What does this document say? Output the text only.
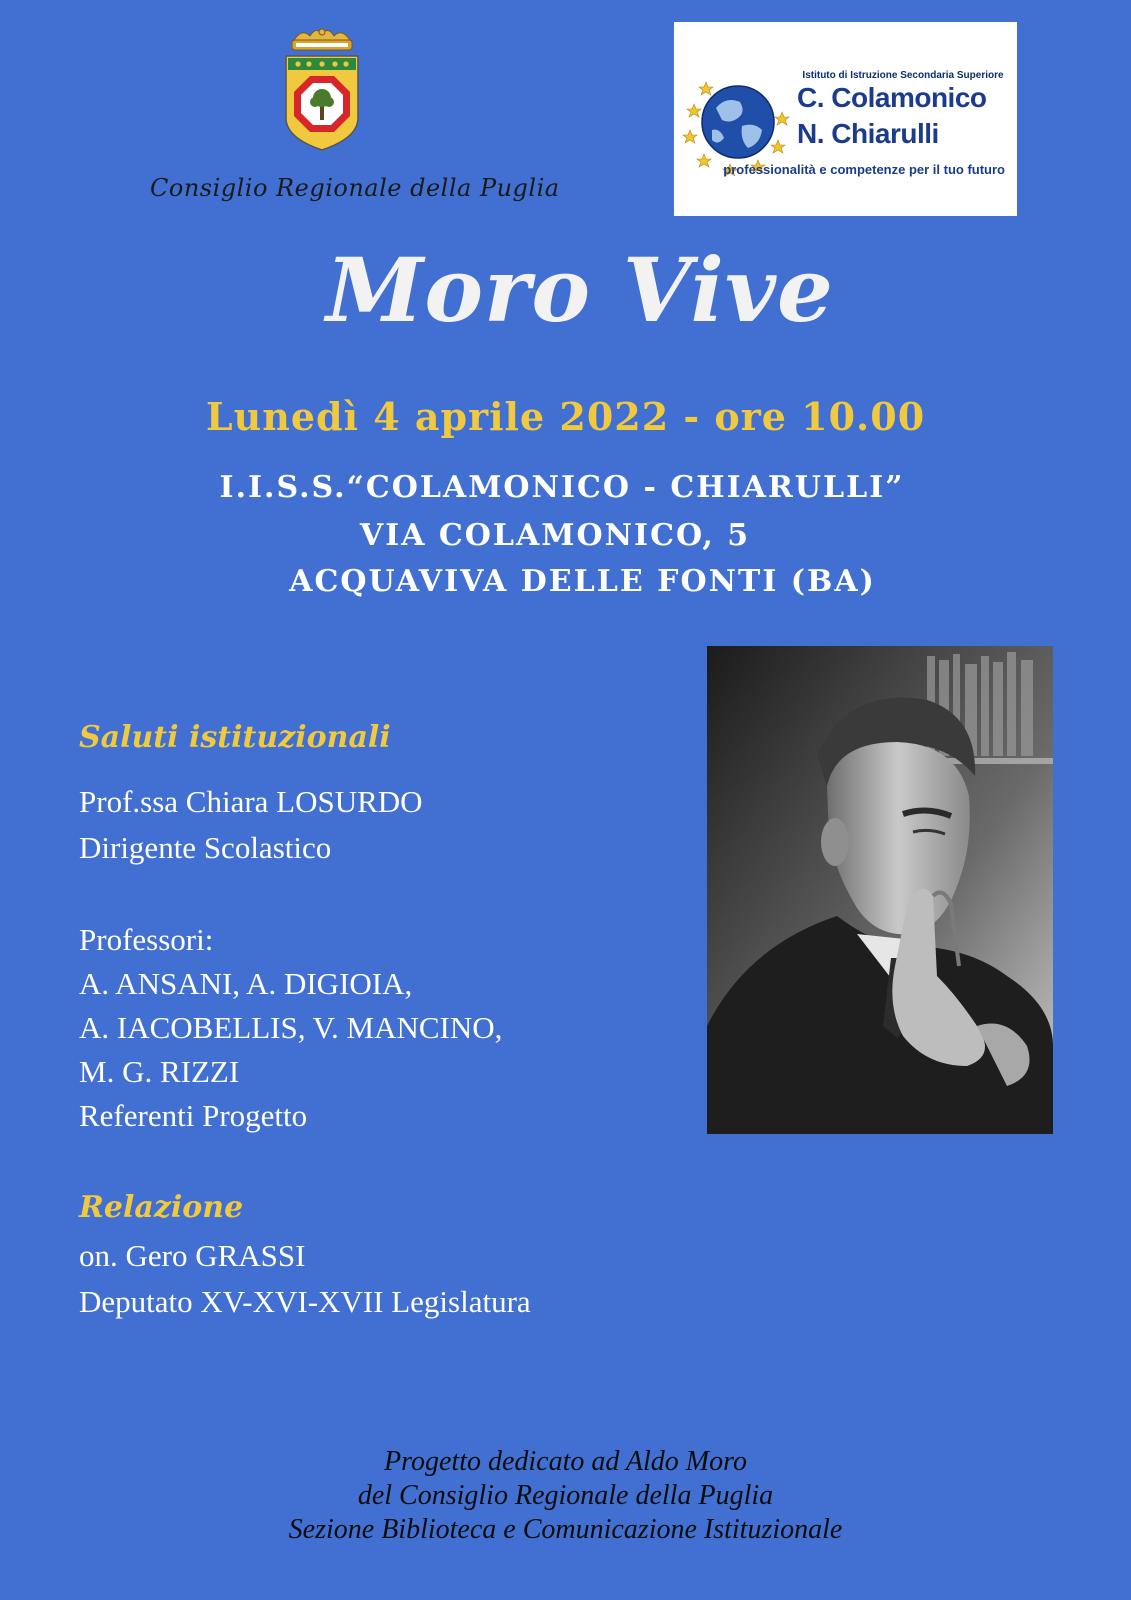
Consiglio Regionale della Puglia
Istituto di Istruzione Secondaria Superiore
C. Colamonico
N. Chiarulli
professionalità e competenze per il tuo futuro
Moro Vive
Lunedì 4 aprile 2022 - ore 10.00
I.I.S.S.“COLAMONICO - CHIARULLI”
VIA COLAMONICO, 5
ACQUAVIVA DELLE FONTI (BA)
Saluti istituzionali
Prof.ssa Chiara LOSURDO
Dirigente Scolastico
Professori:
A. ANSANI, A. DIGIOIA,
A. IACOBELLIS, V. MANCINO,
M. G. RIZZI
Referenti Progetto
Relazione
on. Gero GRASSI
Deputato XV-XVI-XVII Legislatura
Progetto dedicato ad Aldo Moro
del Consiglio Regionale della Puglia
Sezione Biblioteca e Comunicazione Istituzionale
